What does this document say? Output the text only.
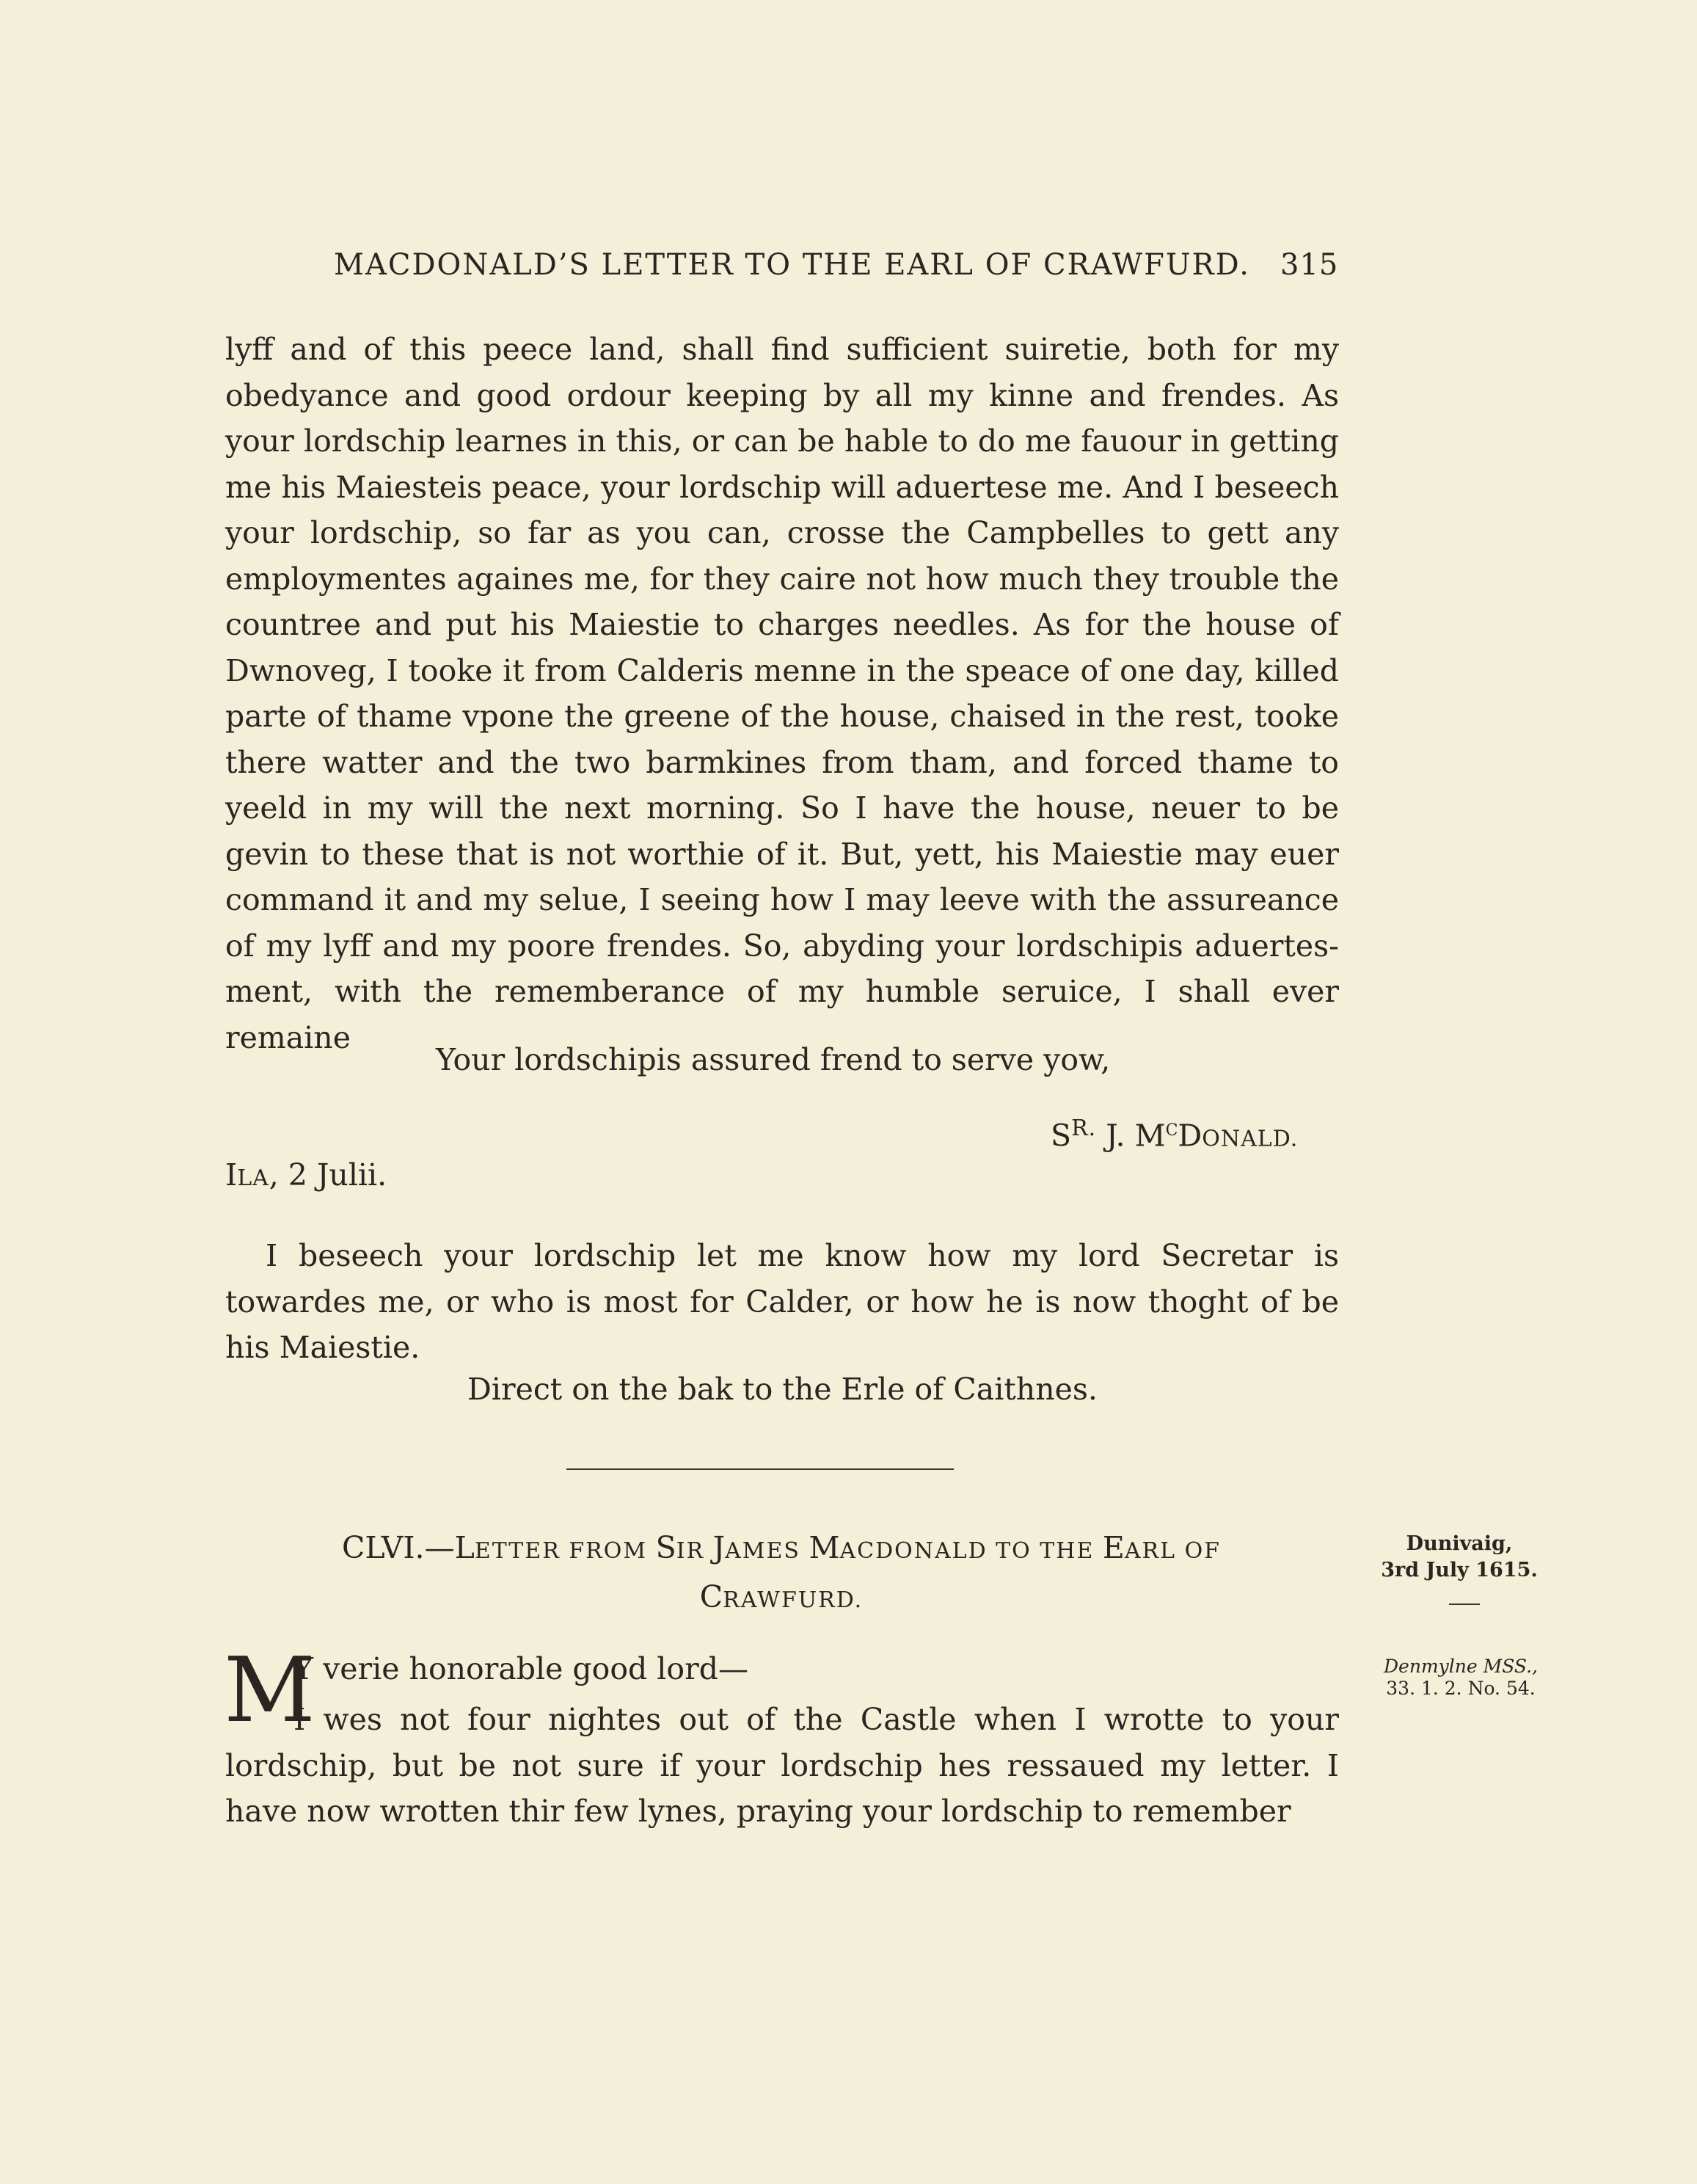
MACDONALD’S LETTER TO THE EARL OF CRAWFURD. 315
lyff and of this peece land, shall find sufficient suiretie, both for my obedyance and good ordour keeping by all my kinne and frendes. As your lordschip learnes in this, or can be hable to do me fauour in getting me his Maiesteis peace, your lordschip will aduertese me. And I beseech your lordschip, so far as you can, crosse the Campbelles to gett any employmentes againes me, for they caire not how much they trouble the countree and put his Maiestie to charges needles. As for the house of Dwnoveg, I tooke it from Calderis menne in the speace of one day, killed parte of thame vpone the greene of the house, chaised in the rest, tooke there watter and the two barmkines from tham, and forced thame to yeeld in my will the next morning. So I have the house, neuer to be gevin to these that is not worthie of it. But, yett, his Maiestie may euer command it and my selue, I seeing how I may leeve with the assureance of my lyff and my poore frendes. So, abyding your lordschipis aduertesment, with the rememberance of my humble seruice, I shall ever remaine
Your lordschipis assured frend to serve yow,
$S^{R.}$ J. $M^CDONALD$.
ILA, 2 Julii.
I beseech your lordschip let me know how my lord Secretar is towardes me, or who is most for Calder, or how he is now thoght of be his Maiestie.
Direct on the bak to the Erle of Caithnes.
CLVI.—LETTER FROM SIR JAMES MACDONALD TO THE EARL OF
CRAWFURD.
Dunivaig,
3rd July 1615.
Denmylne MSS.,
33. 1. 2. No. 54.
M
Y verie honorable good lord—
I wes not four nightes out of the Castle when I wrotte to your lordschip, but be not sure if your lordschip hes ressaued my letter. I have now wrotten thir few lynes, praying your lordschip to remember
